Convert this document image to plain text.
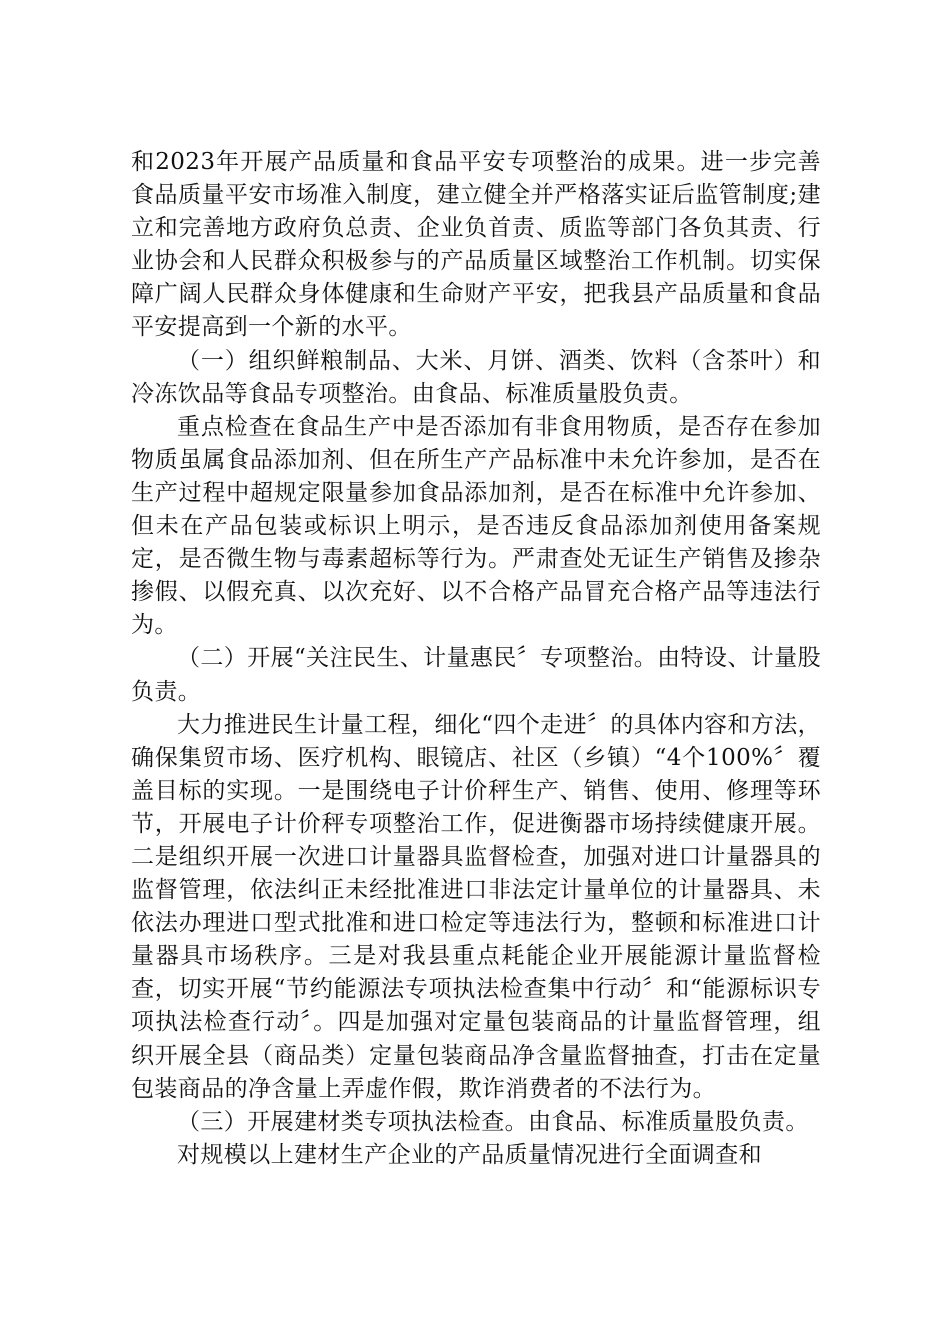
和2023年开展产品质量和食品平安专项整治的成果。进一步完善食品质量平安市场准入制度，建立健全并严格落实证后监管制度;建立和完善地方政府负总责、企业负首责、质监等部门各负其责、行业协会和人民群众积极参与的产品质量区域整治工作机制。切实保障广阔人民群众身体健康和生命财产平安，把我县产品质量和食品平安提高到一个新的水平。

（一）组织鲜粮制品、大米、月饼、酒类、饮料（含茶叶）和冷冻饮品等食品专项整治。由食品、标准质量股负责。

重点检查在食品生产中是否添加有非食用物质，是否存在参加物质虽属食品添加剂、但在所生产产品标准中未允许参加，是否在生产过程中超规定限量参加食品添加剂，是否在标准中允许参加、但未在产品包装或标识上明示，是否违反食品添加剂使用备案规定，是否微生物与毒素超标等行为。严肃查处无证生产销售及掺杂掺假、以假充真、以次充好、以不合格产品冒充合格产品等违法行为。

（二）开展“关注民生、计量惠民〞专项整治。由特设、计量股负责。

大力推进民生计量工程，细化“四个走进〞的具体内容和方法，确保集贸市场、医疗机构、眼镜店、社区（乡镇）“4个100%〞覆盖目标的实现。一是围绕电子计价秤生产、销售、使用、修理等环节，开展电子计价秤专项整治工作，促进衡器市场持续健康开展。二是组织开展一次进口计量器具监督检查，加强对进口计量器具的监督管理，依法纠正未经批准进口非法定计量单位的计量器具、未依法办理进口型式批准和进口检定等违法行为，整顿和标准进口计量器具市场秩序。三是对我县重点耗能企业开展能源计量监督检查，切实开展“节约能源法专项执法检查集中行动〞和“能源标识专项执法检查行动〞。四是加强对定量包装商品的计量监督管理，组织开展全县（商品类）定量包装商品净含量监督抽查，打击在定量包装商品的净含量上弄虚作假，欺诈消费者的不法行为。

（三）开展建材类专项执法检查。由食品、标准质量股负责。

对规模以上建材生产企业的产品质量情况进行全面调查和
